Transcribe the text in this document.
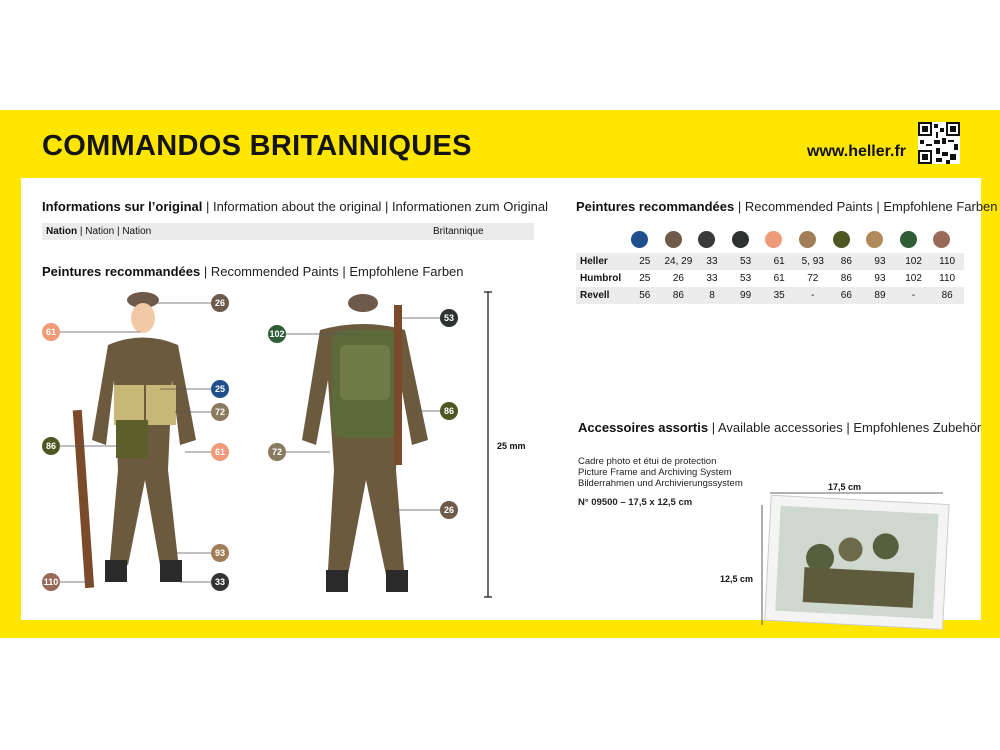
COMMANDOS BRITANNIQUES	www.heller.fr
Informations sur l’original | Information about the original | Informationen zum Original
Nation | Nation | Nation	Britannique
Peintures recommandées | Recommended Paints | Empfohlene Farben
25 mm
26
61
25
72
86
61
93
110	33
102
53
86
72
26
Peintures recommandées | Recommended Paints | Empfohlene Farben
Heller	25	24, 29	33	53	61	5, 93	86	93	102	110
Humbrol	25	26	33	53	61	72	86	93	102	110
Revell	56	86	8	99	35	-	66	89	-	86
Accessoires assortis | Available accessories | Empfohlenes Zubehör
Cadre photo et étui de protection
Picture Frame and Archiving System
Bilderrahmen und Archivierungssystem
N° 09500 – 17,5 x 12,5 cm
17,5 cm
12,5 cm
